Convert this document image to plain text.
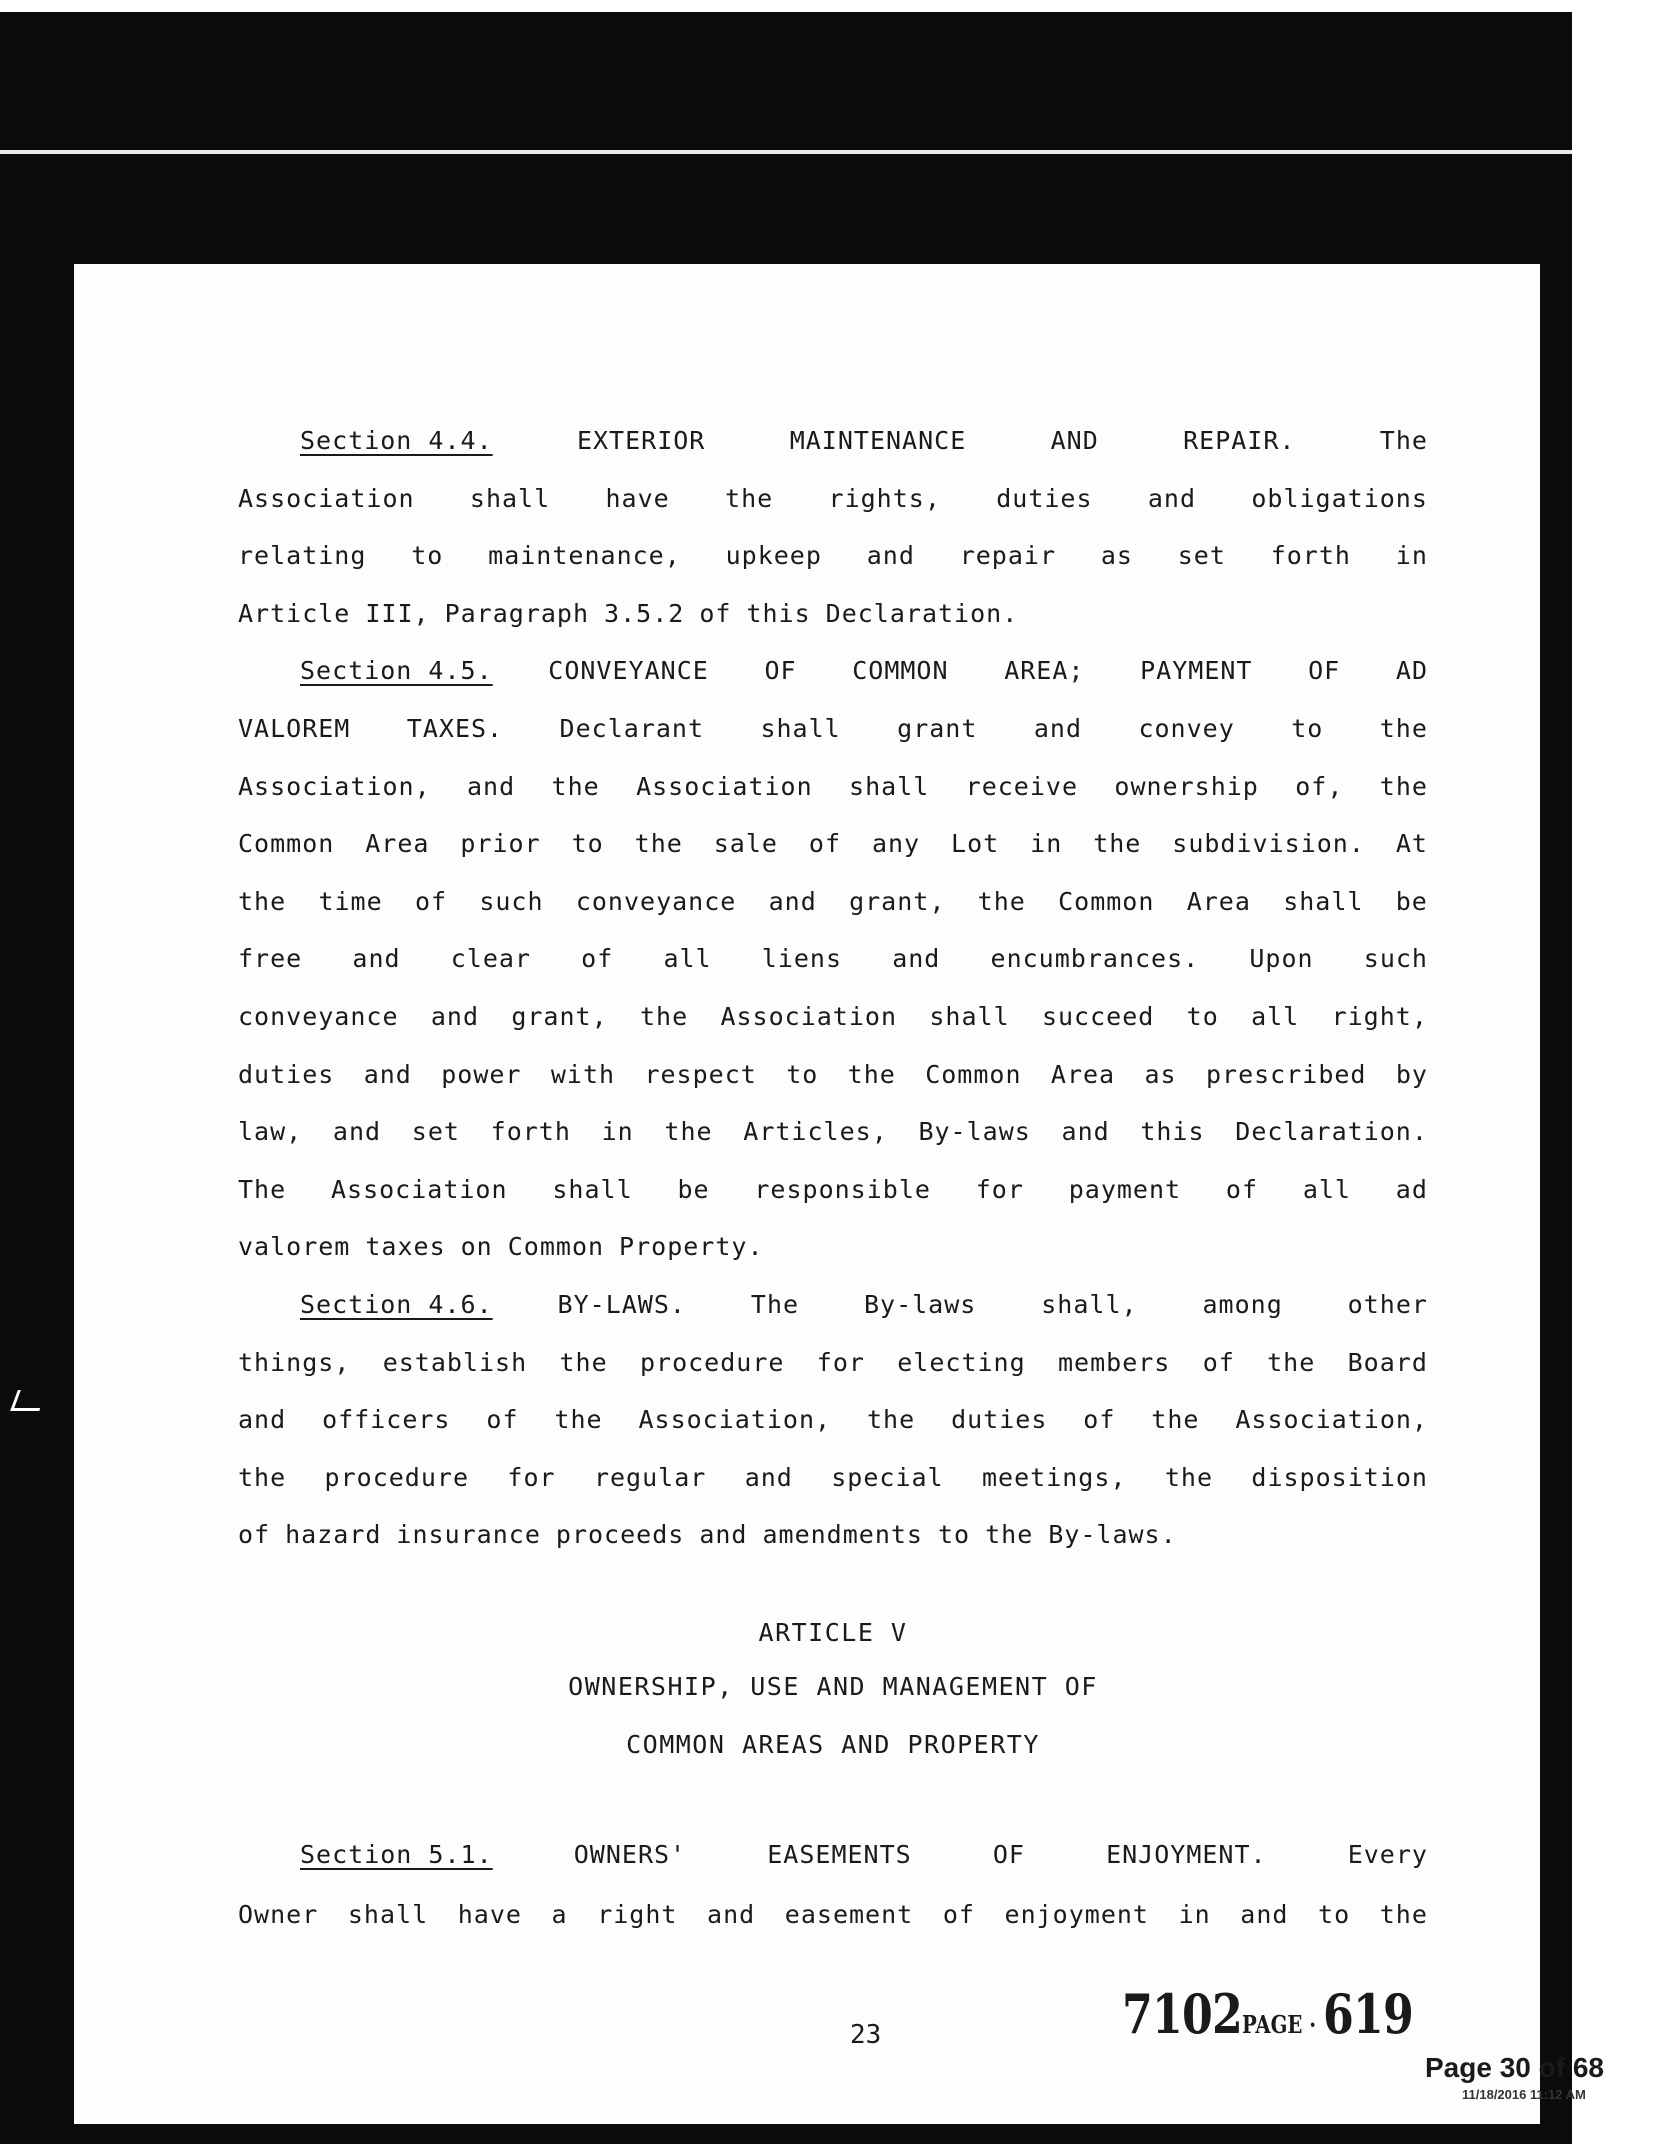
Section 4.4.	EXTERIOR	MAINTENANCE	AND	REPAIR.	The
Association shall have the rights, duties and obligations
relating to maintenance, upkeep and repair as set forth in
Article III, Paragraph 3.5.2 of this Declaration.
Section 4.5. CONVEYANCE OF COMMON AREA; PAYMENT OF AD
VALOREM TAXES. Declarant shall grant and convey to the
Association, and the Association shall receive ownership of, the
Common Area prior to the sale of any Lot in the subdivision. At
the time of such conveyance and grant, the Common Area shall be
free and clear of all liens and encumbrances. Upon such
conveyance and grant, the Association shall succeed to all right,
duties and power with respect to the Common Area as prescribed by
law, and set forth in the Articles, By-laws and this Declaration.
The Association shall be responsible for payment of all ad
valorem taxes on Common Property.
Section 4.6.	BY-LAWS.	The	By-laws	shall,	among	other
things, establish the procedure for electing members of the Board
and officers of the Association, the duties of the Association,
the procedure for regular and special meetings, the disposition
of hazard insurance proceeds and amendments to the By-laws.
ARTICLE V
OWNERSHIP, USE AND MANAGEMENT OF
COMMON AREAS AND PROPERTY
Section 5.1.	OWNERS'	EASEMENTS	OF	ENJOYMENT.	Every
Owner shall have a right and easement of enjoyment in and to the
23	7102PAGE · 619
Page 30 of 68
11/18/2016 11:12 AM
